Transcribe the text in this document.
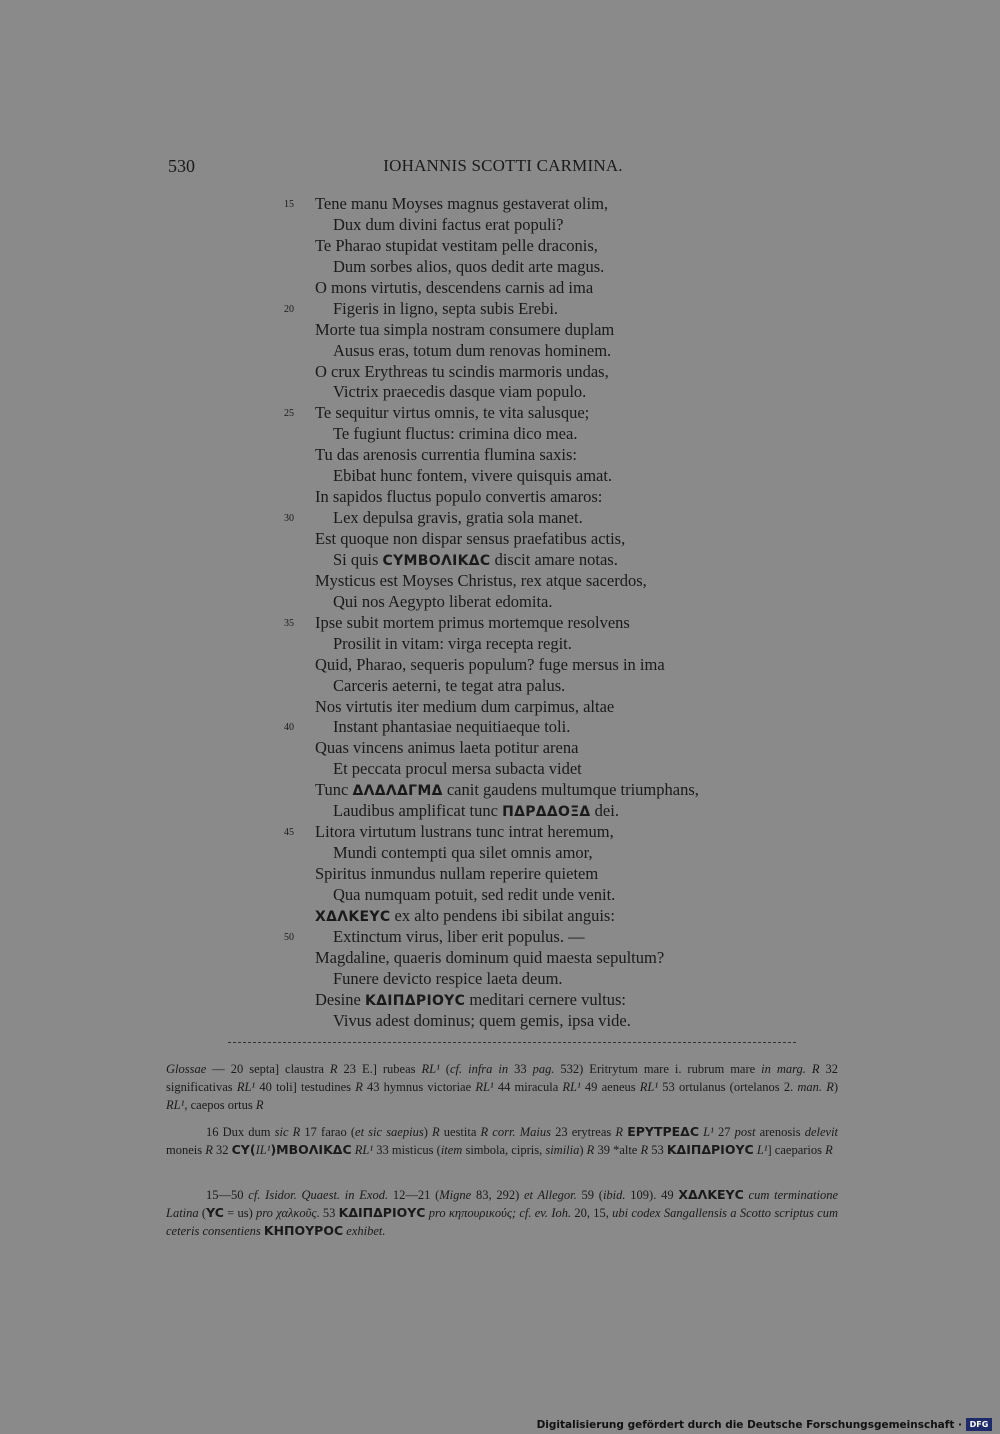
530	IOHANNIS SCOTTI CARMINA.
15 Tene manu Moyses magnus gestaverat olim,
Dux dum divini factus erat populi?
Te Pharao stupidat vestitam pelle draconis,
Dum sorbes alios, quos dedit arte magus.
O mons virtutis, descendens carnis ad ima
20 Figeris in ligno, septa subis Erebi.
Morte tua simpla nostram consumere duplam
Ausus eras, totum dum renovas hominem.
O crux Erythreas tu scindis marmoris undas,
Victrix praecedis dasque viam populo.
25 Te sequitur virtus omnis, te vita salusque;
Te fugiunt fluctus: crimina dico mea.
Tu das arenosis currentia flumina saxis:
Ebibat hunc fontem, vivere quisquis amat.
In sapidos fluctus populo convertis amaros:
30 Lex depulsa gravis, gratia sola manet.
Est quoque non dispar sensus praefatibus actis,
Si quis CYMBOΛIKΔC discit amare notas.
Mysticus est Moyses Christus, rex atque sacerdos,
Qui nos Aegypto liberat edomita.
35 Ipse subit mortem primus mortemque resolvens
Prosilit in vitam: virga recepta regit.
Quid, Pharao, sequeris populum? fuge mersus in ima
Carceris aeterni, te tegat atra palus.
Nos virtutis iter medium dum carpimus, altae
40 Instant phantasiae nequitiaeque toli.
Quas vincens animus laeta potitur arena
Et peccata procul mersa subacta videt
Tunc ΔΛΔΛΔΓΜΔ canit gaudens multumque triumphans,
Laudibus amplificat tunc ΠΔΡΔΔΟΞΔ dei.
45 Litora virtutum lustrans tunc intrat heremum,
Mundi contempti qua silet omnis amor,
Spiritus inmundus nullam reperire quietem
Qua numquam potuit, sed redit unde venit.
XΔΛΚΕΥC ex alto pendens ibi sibilat anguis:
50 Extinctum virus, liber erit populus. —
Magdaline, quaeris dominum quid maesta sepultum?
Funere devicto respice laeta deum.
Desine ΚΔΙΠΔΡΙΟΥC meditari cernere vultus:
Vivus adest dominus; quem gemis, ipsa vide.

Glossae — 20 septa] claustra R 23 E.] rubeas RL¹ (cf. infra in 33 pag. 532) Eritrytum mare i. rubrum mare in marg. R 32 significativas RL¹ 40 toli] testudines R 43 hymnus victoriae RL¹ 44 miracula RL¹ 49 aeneus RL¹ 53 ortulanus (ortelanos 2. man. R) RL¹, caepos ortus R

16 Dux dum sic R 17 farao (et sic saepius) R uestita R corr. Maius 23 erytreas R ΕΡΥΤΡΕΔC L¹ 27 post arenosis delevit moneis R 32 CY(IL¹)MBOΛIKΔC RL¹ 33 misticus (item simbola, cipris, similia) R 39 *alte R 53 ΚΔΙΠΔΡΙΟΥC L¹] caeparios R

15—50 cf. Isidor. Quaest. in Exod. 12—21 (Migne 83, 292) et Allegor. 59 (ibid. 109). 49 XΔΛΚΕΥC cum terminatione Latina (YC = us) pro χαλκοῦς. 53 ΚΔΙΠΔΡΙΟΥC pro κηπουρικούς; cf. ev. Ioh. 20, 15, ubi codex Sangallensis a Scotto scriptus cum ceteris consentiens ΚΗΠΟΥΡΟC exhibet.

Digitalisierung gefördert durch die Deutsche Forschungsgemeinschaft · DFG
